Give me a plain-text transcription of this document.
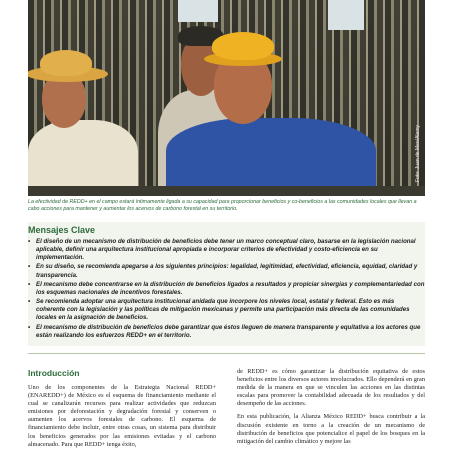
Foto: Juan de Meo/Alamy
La efectividad de REDD+ en el campo estará íntimamente ligada a su capacidad para proporcionar beneficios y co-beneficios a las comunidades locales que llevan a cabo acciones para mantener y aumentar los acervos de carbono forestal en su territorio.
Mensajes Clave
• El diseño de un mecanismo de distribución de beneficios debe tener un marco conceptual claro, basarse en la legislación nacional aplicable, definir una arquitectura institucional apropiada e incorporar criterios de efectividad y costo-eficiencia en su implementación.
• En su diseño, se recomienda apegarse a los siguientes principios: legalidad, legitimidad, efectividad, eficiencia, equidad, claridad y transparencia.
• El mecanismo debe concentrarse en la distribución de beneficios ligados a resultados y propiciar sinergias y complementariedad con los esquemas nacionales de incentivos forestales.
• Se recomienda adoptar una arquitectura institucional anidada que incorpore los niveles local, estatal y federal. Esto es más coherente con la legislación y las políticas de mitigación mexicanas y permite una participación más directa de las comunidades locales en la asignación de beneficios.
• El mecanismo de distribución de beneficios debe garantizar que éstos lleguen de manera transparente y equitativa a los actores que están realizando los esfuerzos REDD+ en el territorio.
Introducción

Uno de los componentes de la Estrategia Nacional REDD+ (ENAREDD+) de México es el esquema de financiamiento mediante el cual se canalizarán recursos para realizar actividades que reduzcan emisiones por deforestación y degradación forestal y conserven o aumenten los acervos forestales de carbono. El esquema de financiamiento debe incluir, entre otras cosas, un sistema para distribuir los beneficios generados por las emisiones evitadas y el carbono almacenado. Para que REDD+ tenga éxito,

de REDD+ es cómo garantizar la distribución equitativa de estos beneficios entre los diversos actores involucrados. Ello dependerá en gran medida de la manera en que se vinculen las acciones en las distintas escalas para promover la contabilidad adecuada de los resultados y del desempeño de las acciones.

En esta publicación, la Alianza México REDD+ busca contribuir a la discusión existente en torno a la creación de un mecanismo de distribución de beneficios que potencialice el papel de los bosques en la mitigación del cambio climático y mejore las
